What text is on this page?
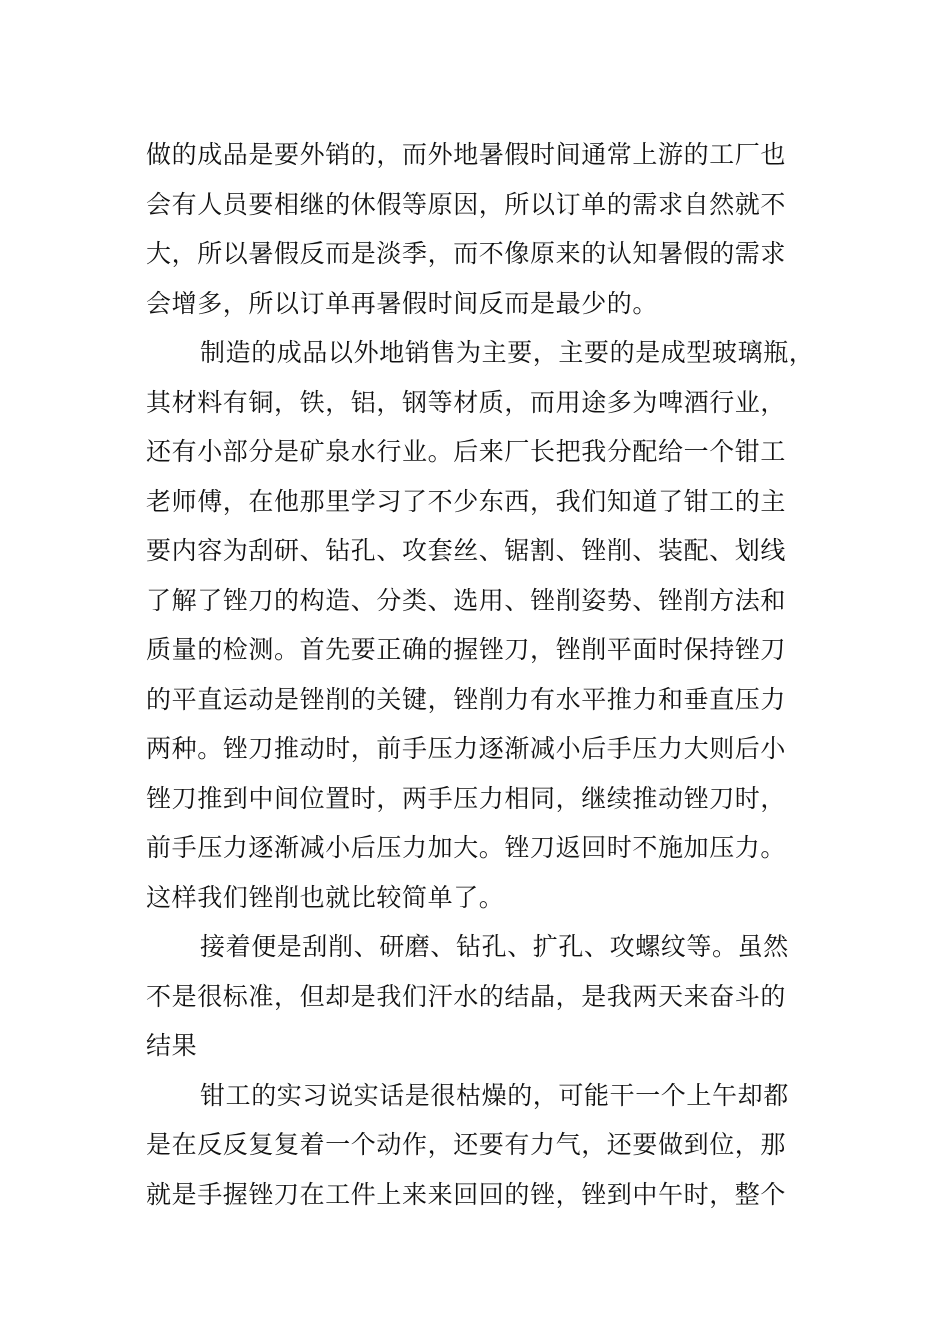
做的成品是要外销的，而外地暑假时间通常上游的工厂也
会有人员要相继的休假等原因，所以订单的需求自然就不
大，所以暑假反而是淡季，而不像原来的认知暑假的需求
会增多，所以订单再暑假时间反而是最少的。
制造的成品以外地销售为主要，主要的是成型玻璃瓶，
其材料有铜，铁，铝，钢等材质，而用途多为啤酒行业，
还有小部分是矿泉水行业。后来厂长把我分配给一个钳工
老师傅，在他那里学习了不少东西，我们知道了钳工的主
要内容为刮研、钻孔、攻套丝、锯割、锉削、装配、划线
了解了锉刀的构造、分类、选用、锉削姿势、锉削方法和
质量的检测。首先要正确的握锉刀，锉削平面时保持锉刀
的平直运动是锉削的关键，锉削力有水平推力和垂直压力
两种。锉刀推动时，前手压力逐渐减小后手压力大则后小
锉刀推到中间位置时，两手压力相同，继续推动锉刀时，
前手压力逐渐减小后压力加大。锉刀返回时不施加压力。
这样我们锉削也就比较简单了。
接着便是刮削、研磨、钻孔、扩孔、攻螺纹等。虽然
不是很标准，但却是我们汗水的结晶，是我两天来奋斗的
结果
钳工的实习说实话是很枯燥的，可能干一个上午却都
是在反反复复着一个动作，还要有力气，还要做到位，那
就是手握锉刀在工件上来来回回的锉，锉到中午时，整个
